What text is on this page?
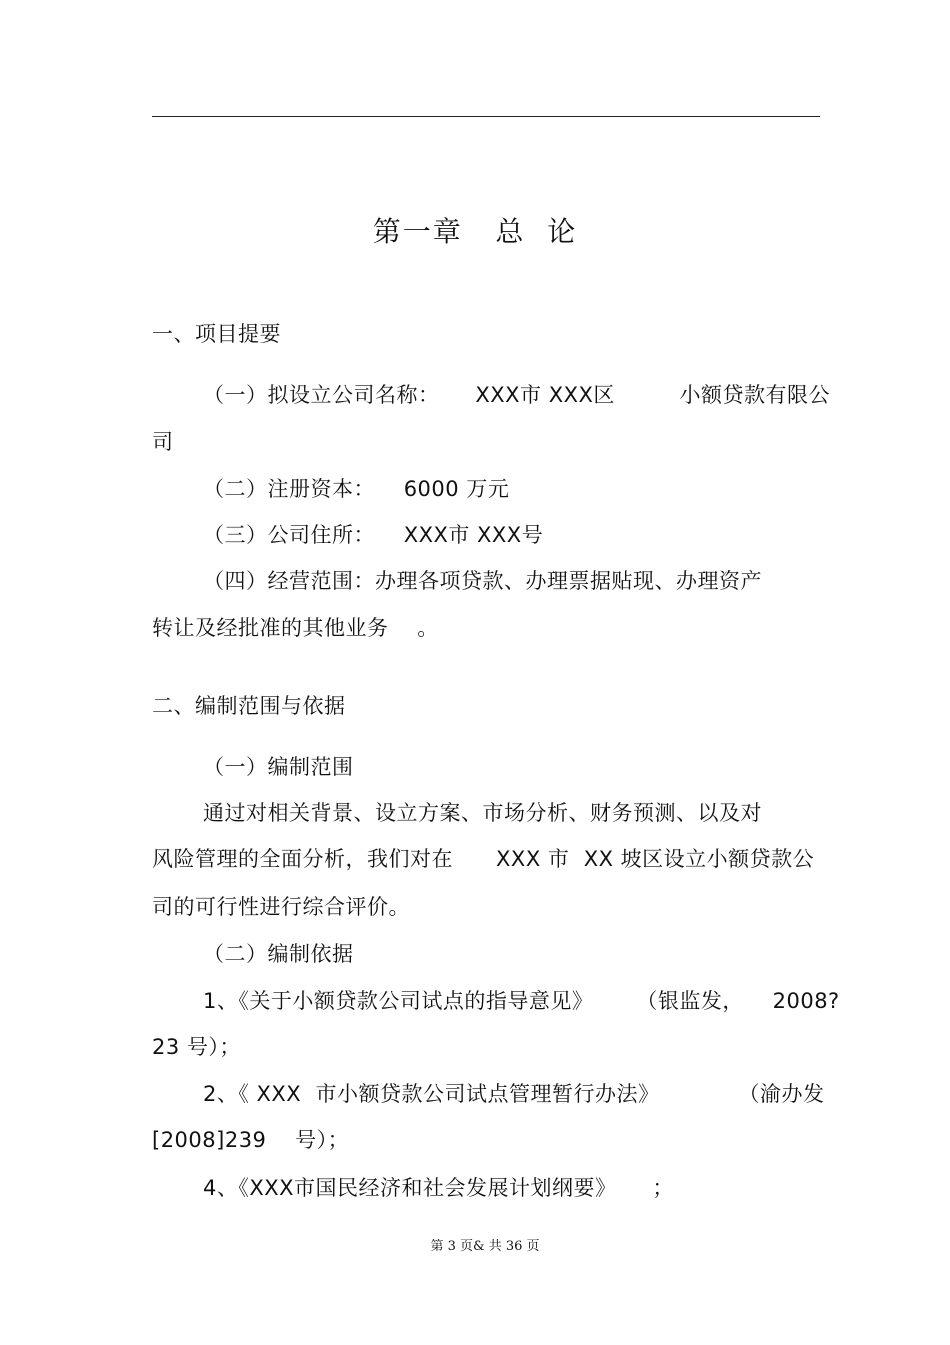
第一章   总  论
一、项目提要
（一）拟设立公司名称：     XXX市 XXX区         小额贷款有限公
司
（二）注册资本：    6000 万元
（三）公司住所：    XXX市 XXX号
（四）经营范围：办理各项贷款、办理票据贴现、办理资产
转让及经批准的其他业务    。
二、编制范围与依据
（一）编制范围
通过对相关背景、设立方案、市场分析、财务预测、以及对
风险管理的全面分析，我们对在      XXX 市  XX 坡区设立小额贷款公
司的可行性进行综合评价。
（二）编制依据
1、《关于小额贷款公司试点的指导意见》      （银监发，    2008?
23 号）；
2、《 XXX  市小额贷款公司试点管理暂行办法》           （渝办发
[2008]239    号）；
4、《XXX市国民经济和社会发展计划纲要》     ；
第 3 页& 共 36 页
